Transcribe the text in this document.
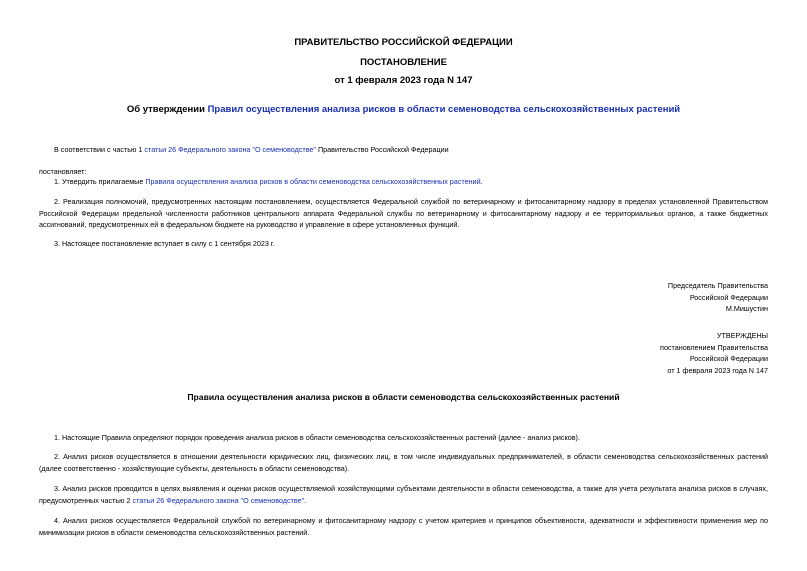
ПРАВИТЕЛЬСТВО РОССИЙСКОЙ ФЕДЕРАЦИИ
ПОСТАНОВЛЕНИЕ
от 1 февраля 2023 года N 147
Об утверждении Правил осуществления анализа рисков в области семеноводства сельскохозяйственных растений
В соответствии с частью 1 статьи 26 Федерального закона "О семеноводстве" Правительство Российской Федерации
постановляет:
1. Утвердить прилагаемые Правила осуществления анализа рисков в области семеноводства сельскохозяйственных растений.
2. Реализация полномочий, предусмотренных настоящим постановлением, осуществляется Федеральной службой по ветеринарному и фитосанитарному надзору в пределах установленной Правительством Российской Федерации предельной численности работников центрального аппарата Федеральной службы по ветеринарному и фитосанитарному надзору и ее территориальных органов, а также бюджетных ассигнований, предусмотренных ей в федеральном бюджете на руководство и управление в сфере установленных функций.
3. Настоящее постановление вступает в силу с 1 сентября 2023 г.
Председатель Правительства
Российской Федерации
М.Мишустин
УТВЕРЖДЕНЫ
постановлением Правительства
Российской Федерации
от 1 февраля 2023 года N 147
Правила осуществления анализа рисков в области семеноводства сельскохозяйственных растений
1. Настоящие Правила определяют порядок проведения анализа рисков в области семеноводства сельскохозяйственных растений (далее - анализ рисков).
2. Анализ рисков осуществляется в отношении деятельности юридических лиц, физических лиц, в том числе индивидуальных предпринимателей, в области семеноводства сельскохозяйственных растений (далее соответственно - хозяйствующие субъекты, деятельность в области семеноводства).
3. Анализ рисков проводится в целях выявления и оценки рисков осуществляемой хозяйствующими субъектами деятельности в области семеноводства, а также для учета результата анализа рисков в случаях, предусмотренных частью 2 статьи 26 Федерального закона "О семеноводстве".
4. Анализ рисков осуществляется Федеральной службой по ветеринарному и фитосанитарному надзору с учетом критериев и принципов объективности, адекватности и эффективности применения мер по минимизации рисков в области семеноводства сельскохозяйственных растений.
